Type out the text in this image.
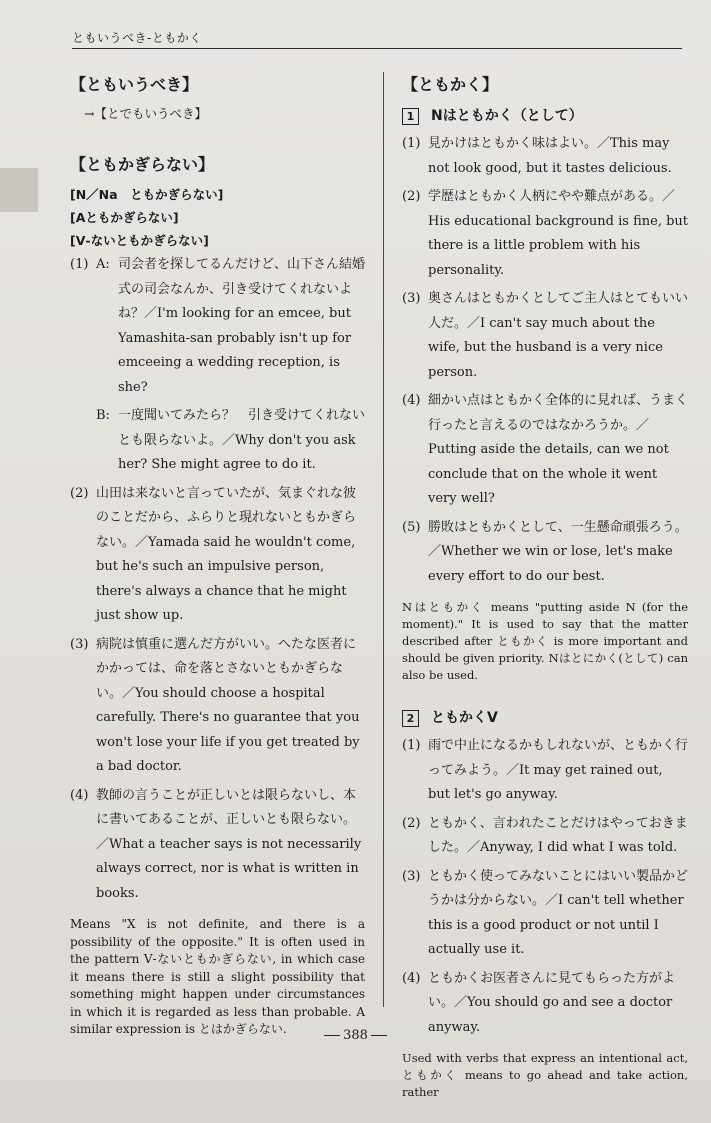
ともいうべき‐ともかく
【ともいうべき】
→【とでもいうべき】
【ともかぎらない】
[N／Na　ともかぎらない]
[Aともかぎらない]
[V‐ないともかぎらない]
(1) A: 司会者を探してるんだけど、山下さん結婚式の司会なんか、引き受けてくれないよね？／I'm looking for an emcee, but Yamashita-san probably isn't up for emceeing a wedding reception, is she?

B: 一度聞いてみたら？　引き受けてくれないとも限らないよ。／Why don't you ask her? She might agree to do it.

(2) 山田は来ないと言っていたが、気まぐれな彼のことだから、ふらりと現れないともかぎらない。／Yamada said he wouldn't come, but he's such an impulsive person, there's always a chance that he might just show up.

(3) 病院は慎重に選んだ方がいい。へたな医者にかかっては、命を落とさないともかぎらない。／You should choose a hospital carefully. There's no guarantee that you won't lose your life if you get treated by a bad doctor.

(4) 教師の言うことが正しいとは限らないし、本に書いてあることが、正しいとも限らない。／What a teacher says is not necessarily always correct, nor is what is written in books.

Means "X is not definite, and there is a possibility of the opposite." It is often used in the pattern V‐ないともかぎらない, in which case it means there is still a slight possibility that something might happen under circumstances in which it is regarded as less than probable. A similar expression is とはかぎらない.

【ともかく】
1	Nはともかく（として）
(1) 見かけはともかく味はよい。／This may not look good, but it tastes delicious.

(2) 学歴はともかく人柄にやや難点がある。／His educational background is fine, but there is a little problem with his personality.

(3) 奥さんはともかくとしてご主人はとてもいい人だ。／I can't say much about the wife, but the husband is a very nice person.

(4) 細かい点はともかく全体的に見れば、うまく行ったと言えるのではなかろうか。／Putting aside the details, can we not conclude that on the whole it went very well?

(5) 勝敗はともかくとして、一生懸命頑張ろう。／Whether we win or lose, let's make every effort to do our best.

Nはともかく means "putting aside N (for the moment)." It is used to say that the matter described after ともかく is more important and should be given priority. Nはとにかく(として) can also be used.

2	ともかくV
(1) 雨で中止になるかもしれないが、ともかく行ってみよう。／It may get rained out, but let's go anyway.

(2) ともかく、言われたことだけはやっておきました。／Anyway, I did what I was told.

(3) ともかく使ってみないことにはいい製品かどうかは分からない。／I can't tell whether this is a good product or not until I actually use it.

(4) ともかくお医者さんに見てもらった方がよい。／You should go and see a doctor anyway.

Used with verbs that express an intentional act, ともかく means to go ahead and take action, rather

388
